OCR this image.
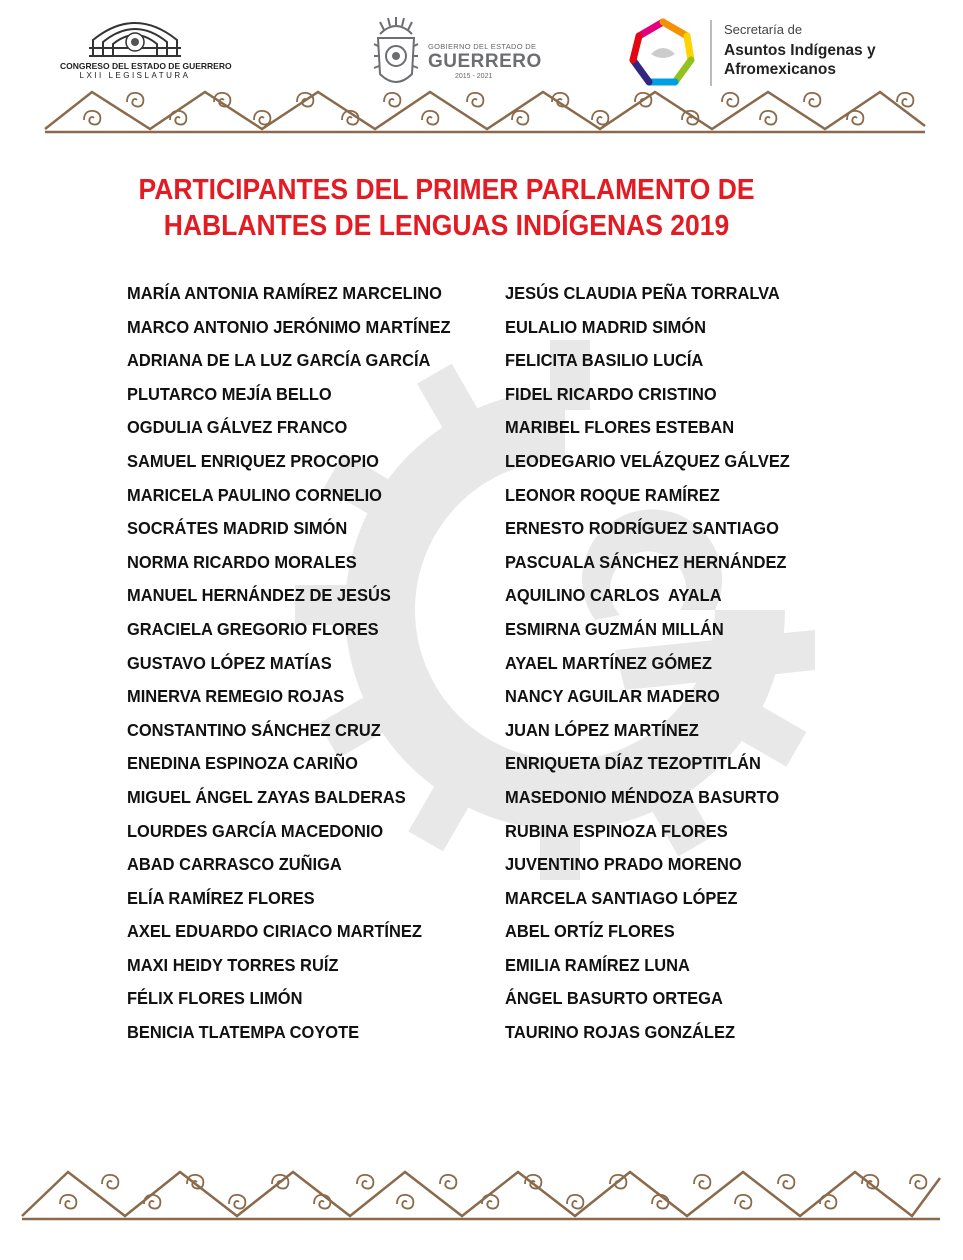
CONGRESO DEL ESTADO DE GUERRERO
LXII LEGISLATURA
GOBIERNO DEL ESTADO DE
GUERRERO
2015 - 2021
Secretaría de
Asuntos Indígenas y
Afromexicanos
PARTICIPANTES DEL PRIMER PARLAMENTO DE
HABLANTES DE LENGUAS INDÍGENAS 2019
MARÍA ANTONIA RAMÍREZ MARCELINO
MARCO ANTONIO JERÓNIMO MARTÍNEZ
ADRIANA DE LA LUZ GARCÍA GARCÍA
PLUTARCO MEJÍA BELLO
OGDULIA GÁLVEZ FRANCO
SAMUEL ENRIQUEZ PROCOPIO
MARICELA PAULINO CORNELIO
SOCRÁTES MADRID SIMÓN
NORMA RICARDO MORALES
MANUEL HERNÁNDEZ DE JESÚS
GRACIELA GREGORIO FLORES
GUSTAVO LÓPEZ MATÍAS
MINERVA REMEGIO ROJAS
CONSTANTINO SÁNCHEZ CRUZ
ENEDINA ESPINOZA CARIÑO
MIGUEL ÁNGEL ZAYAS BALDERAS
LOURDES GARCÍA MACEDONIO
ABAD CARRASCO ZUÑIGA
ELÍA RAMÍREZ FLORES
AXEL EDUARDO CIRIACO MARTÍNEZ
MAXI HEIDY TORRES RUÍZ
FÉLIX FLORES LIMÓN
BENICIA TLATEMPA COYOTE
JESÚS CLAUDIA PEÑA TORRALVA
EULALIO MADRID SIMÓN
FELICITA BASILIO LUCÍA
FIDEL RICARDO CRISTINO
MARIBEL FLORES ESTEBAN
LEODEGARIO VELÁZQUEZ GÁLVEZ
LEONOR ROQUE RAMÍREZ
ERNESTO RODRÍGUEZ SANTIAGO
PASCUALA SÁNCHEZ HERNÁNDEZ
AQUILINO CARLOS  AYALA
ESMIRNA GUZMÁN MILLÁN
AYAEL MARTÍNEZ GÓMEZ
NANCY AGUILAR MADERO
JUAN LÓPEZ MARTÍNEZ
ENRIQUETA DÍAZ TEZOPTITLÁN
MASEDONIO MÉNDOZA BASURTO
RUBINA ESPINOZA FLORES
JUVENTINO PRADO MORENO
MARCELA SANTIAGO LÓPEZ
ABEL ORTÍZ FLORES
EMILIA RAMÍREZ LUNA
ÁNGEL BASURTO ORTEGA
TAURINO ROJAS GONZÁLEZ
